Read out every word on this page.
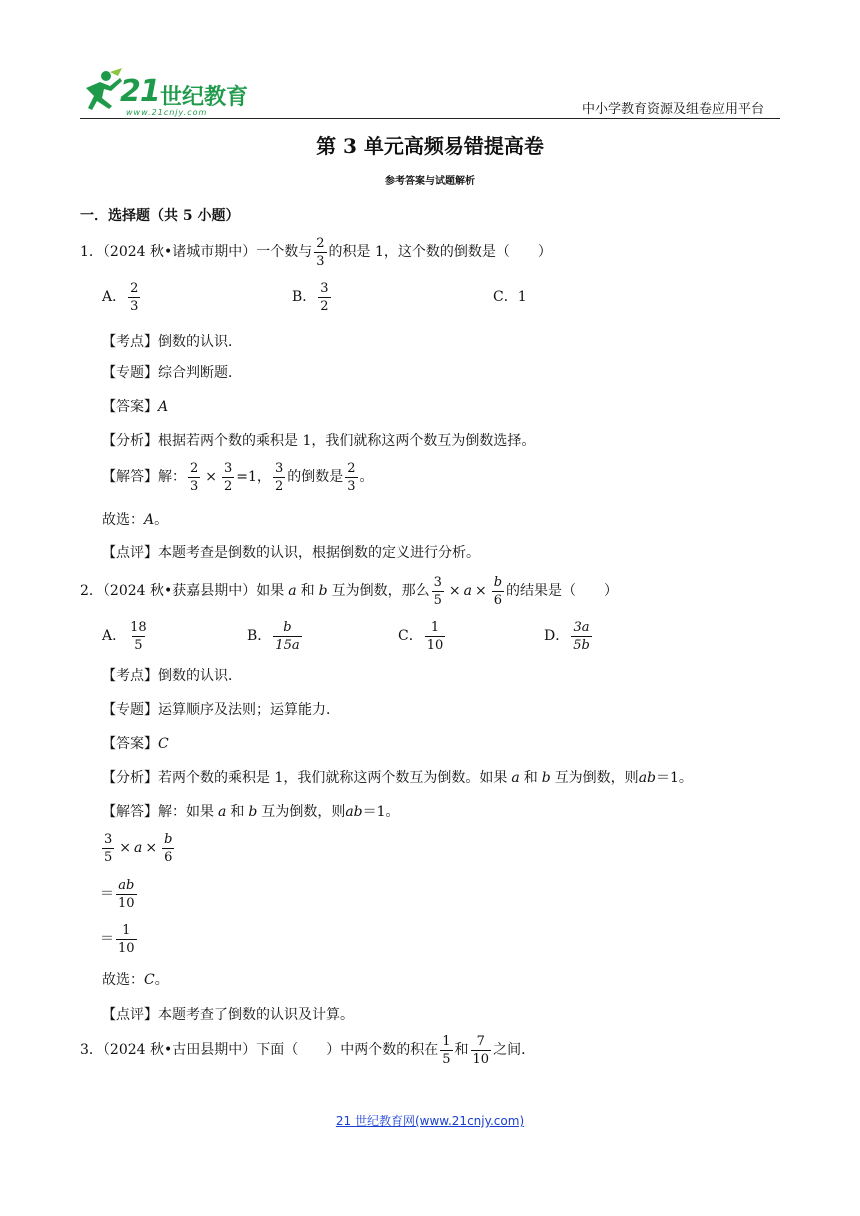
21 世纪教育
www.21cnjy.com	中小学教育资源及组卷应用平台
第 3 单元高频易错提高卷
参考答案与试题解析
一．选择题（共 5 小题）
1．（2024 秋•诸城市期中）一个数与 $\frac{2}{3}$ 的积是 1，这个数的倒数是（　　）
A． $\frac{2}{3}$	B． $\frac{3}{2}$	C．1
【考点】倒数的认识．
【专题】综合判断题．
【答案】A
【分析】根据若两个数的乘积是 1，我们就称这两个数互为倒数选择。
【解答】解： $\frac{2}{3} \times \frac{3}{2} =1$， $\frac{3}{2}$ 的倒数是 $\frac{2}{3}$ 。
故选：A。
【点评】本题考查是倒数的认识，根据倒数的定义进行分析。
2．（2024 秋•获嘉县期中）如果 a 和 b 互为倒数，那么 $\frac{3}{5} \times a \times \frac{b}{6}$ 的结果是（　　）
A． $\frac{18}{5}$	B． $\frac{b}{15a}$	C． $\frac{1}{10}$	D． $\frac{3a}{5b}$
【考点】倒数的认识．
【专题】运算顺序及法则；运算能力．
【答案】C
【分析】若两个数的乘积是 1，我们就称这两个数互为倒数。如果 a 和 b 互为倒数，则ab＝1。
【解答】解：如果 a 和 b 互为倒数，则ab＝1。
$\frac{3}{5} \times a \times \frac{b}{6}$
＝ $\frac{ab}{10}$
＝ $\frac{1}{10}$
故选：C。
【点评】本题考查了倒数的认识及计算。
3．（2024 秋•古田县期中）下面（　　）中两个数的积在 $\frac{1}{5}$ 和 $\frac{7}{10}$ 之间．
21 世纪教育网(www.21cnjy.com)
